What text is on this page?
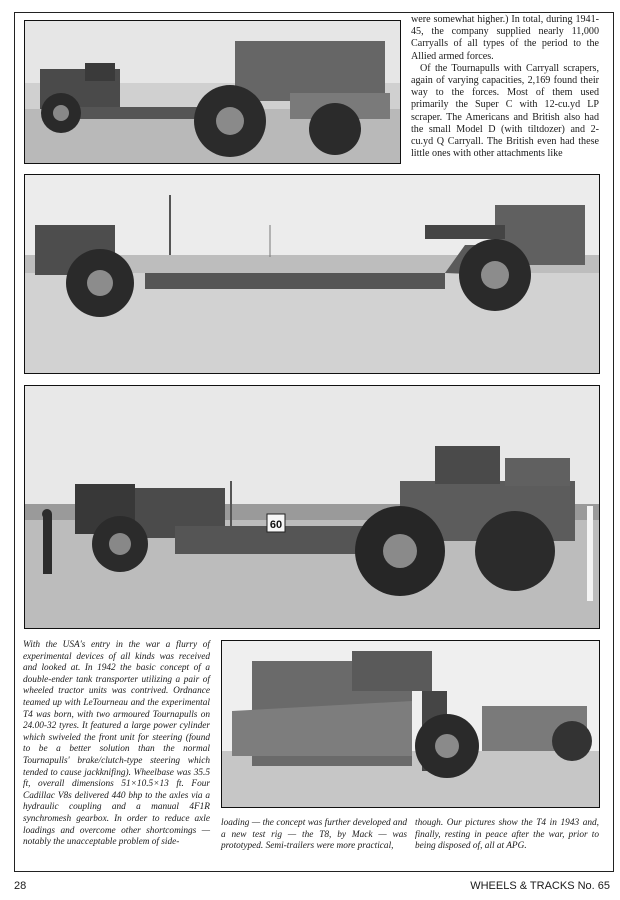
were somewhat higher.) In total, during 1941-45, the company supplied nearly 11,000 Carryalls of all types of the period to the Allied armed forces.

Of the Tournapulls with Carryall scrapers, again of varying capacities, 2,169 found their way to the forces. Most of them used primarily the Super C with 12-cu.yd LP scraper. The Americans and British also had the small Model D (with tiltdozer) and 2-cu.yd Q Carryall. The British even had these little ones with other attachments like

60

With the USA's entry in the war a flurry of experimental devices of all kinds was received and looked at. In 1942 the basic concept of a double-ender tank transporter utilizing a pair of wheeled tractor units was contrived. Ordnance teamed up with LeTourneau and the experimental T4 was born, with two armoured Tournapulls on 24.00-32 tyres. It featured a large power cylinder which swiveled the front unit for steering (found to be a better solution than the normal Tournapulls' brake/clutch-type steering which tended to cause jackknifing). Wheelbase was 35.5 ft, overall dimensions 51×10.5×13 ft. Four Cadillac V8s delivered 440 bhp to the axles via a hydraulic coupling and a manual 4F1R synchromesh gearbox. In order to reduce axle loadings and overcome other shortcomings — notably the unacceptable problem of side-

loading — the concept was further developed and a new test rig — the T8, by Mack — was prototyped. Semi-trailers were more practical,

though. Our pictures show the T4 in 1943 and, finally, resting in peace after the war, prior to being disposed of, all at APG.

28	WHEELS & TRACKS No. 65
